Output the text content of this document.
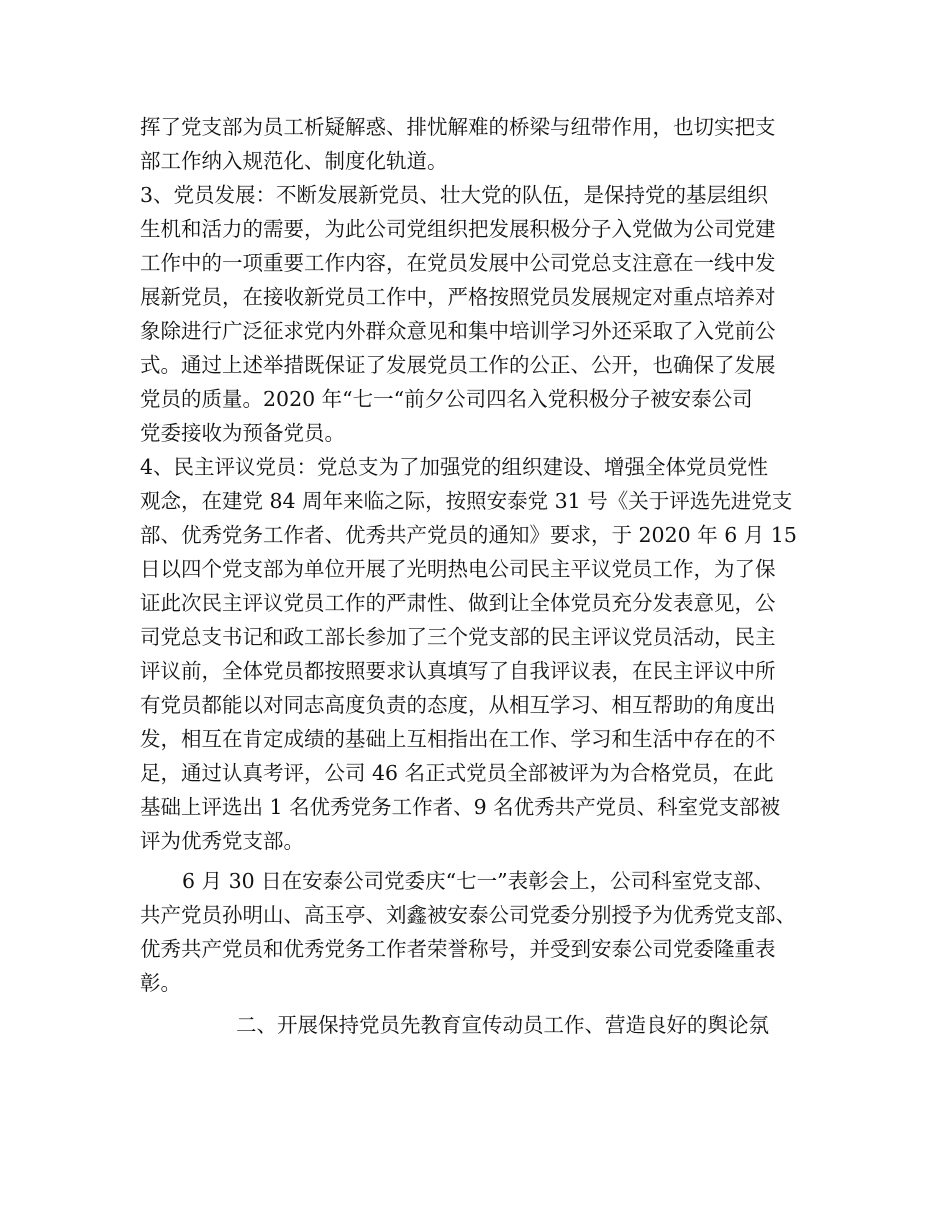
挥了党支部为员工析疑解惑、排忧解难的桥梁与纽带作用，也切实把支
部工作纳入规范化、制度化轨道。
3、党员发展：不断发展新党员、壮大党的队伍，是保持党的基层组织
生机和活力的需要，为此公司党组织把发展积极分子入党做为公司党建
工作中的一项重要工作内容，在党员发展中公司党总支注意在一线中发
展新党员，在接收新党员工作中，严格按照党员发展规定对重点培养对
象除进行广泛征求党内外群众意见和集中培训学习外还采取了入党前公
式。通过上述举措既保证了发展党员工作的公正、公开，也确保了发展
党员的质量。2020 年“七一“前夕公司四名入党积极分子被安泰公司
党委接收为预备党员。
4、民主评议党员：党总支为了加强党的组织建设、增强全体党员党性
观念，在建党 84 周年来临之际，按照安泰党 31 号《关于评选先进党支
部、优秀党务工作者、优秀共产党员的通知》要求，于 2020 年 6 月 15
日以四个党支部为单位开展了光明热电公司民主平议党员工作，为了保
证此次民主评议党员工作的严肃性、做到让全体党员充分发表意见，公
司党总支书记和政工部长参加了三个党支部的民主评议党员活动，民主
评议前，全体党员都按照要求认真填写了自我评议表，在民主评议中所
有党员都能以对同志高度负责的态度，从相互学习、相互帮助的角度出
发，相互在肯定成绩的基础上互相指出在工作、学习和生活中存在的不
足，通过认真考评，公司 46 名正式党员全部被评为为合格党员，在此
基础上评选出 1 名优秀党务工作者、9 名优秀共产党员、科室党支部被
评为优秀党支部。
6 月 30 日在安泰公司党委庆“七一”表彰会上，公司科室党支部、
共产党员孙明山、高玉亭、刘鑫被安泰公司党委分别授予为优秀党支部、
优秀共产党员和优秀党务工作者荣誉称号，并受到安泰公司党委隆重表
彰。
二、开展保持党员先教育宣传动员工作、营造良好的舆论氛
